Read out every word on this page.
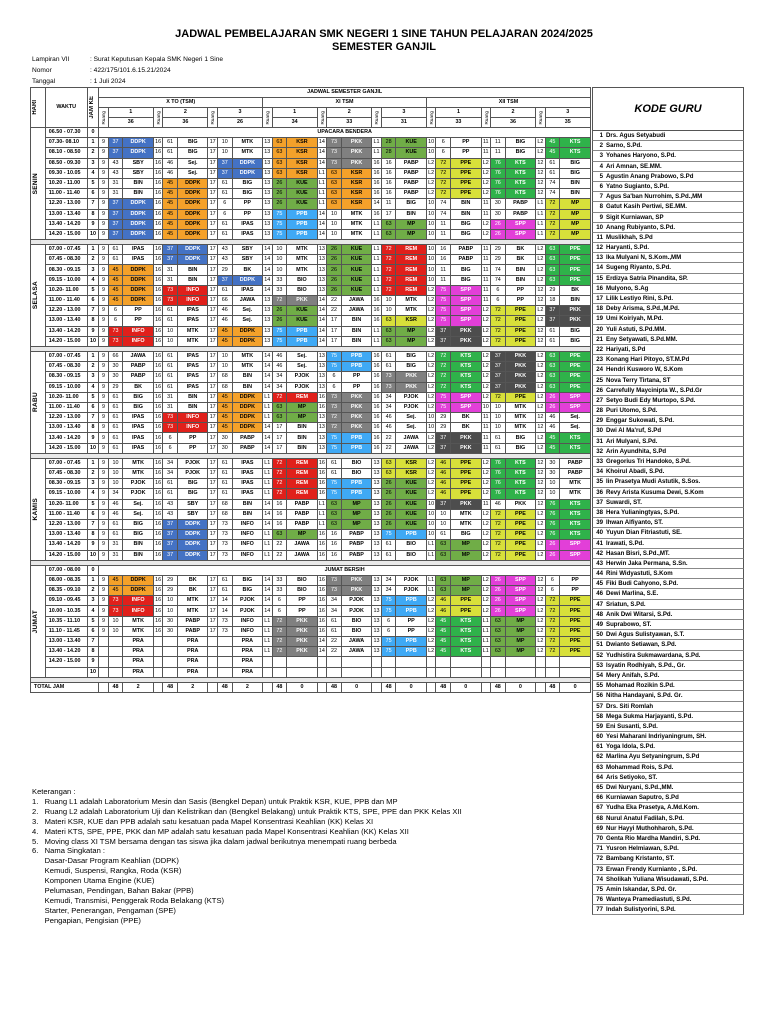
JADWAL PEMBELAJARAN SMK NEGERI 1 SINE TAHUN PELAJARAN 2024/2025
SEMESTER GANJIL
Lampiran VII	: Surat Keputusan Kepala SMK Negeri 1 Sine
Nomor	: 422/175/101.6.15.21/2024
Tanggal	: 1 Juli 2024
HARI	WAKTU	JAM KE	JADWAL SEMESTER GANJIL																										
			X TO (TSM)									XI TSM									XII TSM								

			Ruang	1		Ruang	2		Ruang	3		Ruang	1		Ruang	2		Ruang	3		Ruang	1		Ruang	2		Ruang	3	
				36			36			26			34			33			31			33			36			35	

SENIN	06.50 - 07.30	0	UPACARA BENDERA																										
	07.30- 08.10	1	9	37	DDPK	16	61	BIG	17	10	MTK	13	63	KSR	14	73	PKK	L1	28	KUE	10	6	PP	11	11	BIG	L2	45	KTS
	08.10 - 08.50	2	9	37	DDPK	16	61	BIG	17	10	MTK	13	63	KSR	14	73	PKK	L1	28	KUE	10	6	PP	11	11	BIG	L2	45	KTS
	08.50 - 09.30	3	9	43	SBY	16	46	Sej.	17	37	DDPK	13	63	KSR	14	73	PKK	16	16	PABP	L2	72	PPE	L2	76	KTS	12	61	BIG
	09.30 - 10.05	4	9	43	SBY	16	46	Sej.	17	37	DDPK	13	63	KSR	L1	63	KSR	16	16	PABP	L2	72	PPE	L2	76	KTS	12	61	BIG
	10.20 - 11.00	5	9	31	BIN	16	45	DDPK	17	61	BIG	13	26	KUE	L1	63	KSR	16	16	PABP	L2	72	PPE	L2	76	KTS	12	74	BIN
	11.00 - 11.40	6	9	31	BIN	16	45	DDPK	17	61	BIG	13	26	KUE	L1	63	KSR	16	16	PABP	L2	72	PPE	L2	76	KTS	12	74	BIN
	12.20 - 13.00	7	9	37	DDPK	16	45	DDPK	17	6	PP	13	26	KUE	L1	63	KSR	14	11	BIG	10	74	BIN	11	30	PABP	L1	72	MP
	13.00 - 13.40	8	9	37	DDPK	16	45	DDPK	17	6	PP	13	75	PPB	14	10	MTK	16	17	BIN	10	74	BIN	11	30	PABP	L1	72	MP
	13.40 - 14.20	9	9	37	DDPK	16	45	DDPK	17	61	IPAS	13	75	PPB	14	10	MTK	L1	63	MP	10	11	BIG	L2	26	SPP	L1	72	MP
	14.20 - 15.00	10	9	37	DDPK	16	45	DDPK	17	61	IPAS	13	75	PPB	14	10	MTK	L1	63	MP	10	11	BIG	L2	26	SPP	L1	72	MP

SELASA	07.00 - 07.45	1	9	61	IPAS	16	37	DDPK	17	43	SBY	14	10	MTK	13	26	KUE	L1	72	REM	10	16	PABP	11	29	BK	L2	63	PPE
	07.45 - 08.30	2	9	61	IPAS	16	37	DDPK	17	43	SBY	14	10	MTK	13	26	KUE	L1	72	REM	10	16	PABP	11	29	BK	L2	63	PPE
	08.30 - 09.15	3	9	45	DDPK	16	31	BIN	17	29	BK	14	10	MTK	13	26	KUE	L1	72	REM	10	11	BIG	11	74	BIN	L2	63	PPE
	09.15 - 10.00	4	9	45	DDPK	16	31	BIN	17	37	DDPK	14	33	BIO	13	26	KUE	L1	72	REM	10	11	BIG	11	74	BIN	L2	63	PPE
	10.20- 11.00	5	9	45	DDPK	16	73	INFO	17	61	IPAS	14	33	BIO	13	26	KUE	L1	72	REM	L2	75	SPP	11	6	PP	12	29	BK
	11.00 - 11.40	6	9	45	DDPK	16	73	INFO	17	66	JAWA	13	72	PKK	14	22	JAWA	16	10	MTK	L2	75	SPP	11	6	PP	12	18	BIN
	12.20 - 13.00	7	9	6	PP	16	61	IPAS	17	46	Sej.	13	26	KUE	14	22	JAWA	16	10	MTK	L2	75	SPP	L2	72	PPE	L2	37	PKK
	13.00 - 13.40	8	9	6	PP	16	61	IPAS	17	46	Sej.	13	26	KUE	14	17	BIN	16	63	KSR	L2	75	SPP	L2	72	PPE	L2	37	PKK
	13.40 - 14.20	9	9	73	INFO	16	10	MTK	17	45	DDPK	13	75	PPB	14	17	BIN	L1	63	MP	L2	37	PKK	L2	72	PPE	12	61	BIG
	14.20 - 15.00	10	9	73	INFO	16	10	MTK	17	45	DDPK	13	75	PPB	14	17	BIN	L1	63	MP	L2	37	PKK	L2	72	PPE	12	61	BIG

RABU	07.00 - 07.45	1	9	66	JAWA	16	61	IPAS	17	10	MTK	14	46	Sej.	13	75	PPB	16	61	BIG	L2	72	KTS	L2	37	PKK	L2	63	PPE
	07.45 - 08.30	2	9	30	PABP	16	61	IPAS	17	10	MTK	14	46	Sej.	13	75	PPB	16	61	BIG	L2	72	KTS	L2	37	PKK	L2	63	PPE
	08.30 - 09.15	3	9	30	PABP	16	61	IPAS	17	68	BIN	14	34	PJOK	13	6	PP	16	73	PKK	L2	72	KTS	L2	37	PKK	L2	63	PPE
	09.15 - 10.00	4	9	29	BK	16	61	IPAS	17	68	BIN	14	34	PJOK	13	6	PP	16	73	PKK	L2	72	KTS	L2	37	PKK	L2	63	PPE
	10.20- 11.00	5	9	61	BIG	16	31	BIN	17	45	DDPK	L1	72	REM	16	73	PKK	16	34	PJOK	L2	75	SPP	L2	72	PPE	L2	26	SPP
	11.00 - 11.40	6	9	61	BIG	16	31	BIN	17	45	DDPK	L1	63	MP	16	73	PKK	16	34	PJOK	L2	75	SPP	10	10	MTK	L2	26	SPP
	12.20 - 13.00	7	9	61	IPAS	16	73	INFO	17	45	DDPK	L1	63	MP	13	72	PKK	16	46	Sej.	10	29	BK	11	10	MTK	12	46	Sej.
	13.00 - 13.40	8	9	61	IPAS	16	73	INFO	17	45	DDPK	14	17	BIN	13	72	PKK	16	46	Sej.	10	29	BK	11	10	MTK	12	46	Sej.
	13.40 - 14.20	9	9	61	IPAS	16	6	PP	17	30	PABP	14	17	BIN	13	75	PPB	16	22	JAWA	L2	37	PKK	11	61	BIG	L2	45	KTS
	14.20 - 15.00	10	9	61	IPAS	16	6	PP	17	30	PABP	14	17	BIN	13	75	PPB	16	22	JAWA	L2	37	PKK	11	61	BIG	L2	45	KTS

KAMIS	07.00 - 07.45	1	9	10	MTK	16	34	PJOK	17	61	IPAS	L1	72	REM	16	61	BIO	13	63	KSR	L2	46	PPE	L2	76	KTS	12	30	PABP
	07.45 - 08.30	2	9	10	MTK	16	34	PJOK	17	61	IPAS	L1	72	REM	16	61	BIO	13	63	KSR	L2	46	PPE	L2	76	KTS	12	30	PABP
	08.30 - 09.15	3	9	10	PJOK	16	61	BIG	17	61	IPAS	L1	72	REM	16	75	PPB	13	26	KUE	L2	46	PPE	L2	76	KTS	12	10	MTK
	09.15 - 10.00	4	9	34	PJOK	16	61	BIG	17	61	IPAS	L1	72	REM	16	75	PPB	13	26	KUE	L2	46	PPE	L2	76	KTS	12	10	MTK
	10.20- 11.00	5	9	46	Sej.	16	43	SBY	17	68	BIN	14	16	PABP	L1	63	MP	13	26	KUE	10	37	PKK	11	46	PKK	12	76	KTS
	11.00 - 11.40	6	9	46	Sej.	16	43	SBY	17	68	BIN	14	16	PABP	L1	63	MP	13	26	KUE	10	10	MTK	L2	72	PPE	L2	76	KTS
	12.20 - 13.00	7	9	61	BIG	16	37	DDPK	17	73	INFO	14	16	PABP	L1	63	MP	13	26	KUE	10	10	MTK	L2	72	PPE	L2	76	KTS
	13.00 - 13.40	8	9	61	BIG	16	37	DDPK	17	73	INFO	L1	63	MP	16	16	PABP	13	75	PPB	10	61	BIG	L2	72	PPE	L2	76	KTS
	13.40 - 14.20	9	9	31	BIN	16	37	DDPK	17	73	INFO	L1	22	JAWA	16	16	PABP	13	61	BIO	L1	63	MP	L2	72	PPE	L2	26	SPP
	14.20 - 15.00	10	9	31	BIN	16	37	DDPK	17	73	INFO	L1	22	JAWA	16	16	PABP	13	61	BIO	L1	63	MP	L2	72	PPE	L2	26	SPP

JUMAT	07.00 - 08.00	0	JUMAT BERSIH																										
	08.00 - 08.35	1	9	45	DDPK	16	29	BK	17	61	BIG	14	33	BIO	16	73	PKK	13	34	PJOK	L1	63	MP	L2	26	SPP	12	6	PP
	08.35 - 09.10	2	9	45	DDPK	16	29	BK	17	61	BIG	14	33	BIO	16	73	PKK	13	34	PJOK	L1	63	MP	L2	26	SPP	12	6	PP
	09.10 - 09.45	3	9	73	INFO	16	10	MTK	17	14	PJOK	14	6	PP	16	34	PJOK	13	75	PPB	L2	46	PPE	L2	26	SPP	L2	72	PPE
	10.00 - 10.35	4	9	73	INFO	16	10	MTK	17	14	PJOK	14	6	PP	16	34	PJOK	13	75	PPB	L2	46	PPE	L2	26	SPP	L2	72	PPE
	10.35 - 11.10	5	9	10	MTK	16	30	PABP	17	73	INFO	L1	72	PKK	16	61	BIO	13	6	PP	L2	45	KTS	L1	63	MP	L2	72	PPE
	11.10 - 11.45	6	9	10	MTK	16	30	PABP	17	73	INFO	L1	72	PKK	16	61	BIO	13	6	PP	L2	45	KTS	L1	63	MP	L2	72	PPE
	13.00 - 13.40	7			PRA			PRA			PRA	L1	72	PKK	14	22	JAWA	13	75	PPB	L2	45	KTS	L1	63	MP	L2	72	PPE
	13.40 - 14.20	8			PRA			PRA			PRA	L1	72	PKK	14	22	JAWA	13	75	PPB	L2	45	KTS	L1	63	MP	L2	72	PPE
	14.20 - 15.00	9			PRA			PRA			PRA																		
		10			PRA			PRA			PRA																		

TOTAL JAM				48	2		48	2		48	2		48	0		48	0		48	0		48	0		48	0		48	0
KODE GURU
1 Drs. Agus Setyabudi
2 Sarno, S.Pd.
3 Yohanes Haryono, S.Pd.
4 Ari Amnan, SE.MM.
5 Agustin Anang Prabowo, S.Pd
6 Yatno Sugianto, S.Pd.
7 Agus Sa'ban Nurrohim, S.Pd.,MM
8 Gatut Kasih Pertiwi, SE.MM.
9 Sigit Kurniawan, SP
10 Anang Rubiyanto, S.Pd.
11 Muslikhah, S.Pd
12 Haryanti, S.Pd.
13 Ika Mulyani N, S.Kom.,MM
14 Sugeng Riyanto, S.Pd.
15 Erdizya Satria Pinandita, SP.
16 Mulyono, S.Ag
17 Lilik Lestiyo Rini, S.Pd.
18 Deby Arisma, S.Pd.,M.Pd.
19 Umi Koiriyah, M.Pd.
20 Yuli Astuti, S.Pd.MM.
21 Eny Setyawati, S.Pd.MM.
22 Hariyati, S.Pd
23 Konang Hari Pitoyo, ST.M.Pd
24 Hendri Kusworo W, S.Kom
25 Nova Terry Tirtana, ST
26 Carrefully Maycinipta W., S.Pd.Gr
27 Setyo Budi Edy Murtopo, S.Pd.
28 Puri Utomo, S.Pd.
29 Enggar Sukowati, S.Pd.
30 Dwi Al Ma'ruf, S.Pd
31 Ari Mulyani, S.Pd.
32 Arin Ayundhita, S.Pd
33 Gregorius Tri Handoko, S.Pd.
34 Khoirul Abadi, S.Pd.
35 Iin Prasetya Mudi Astutik, S.Sos.
36 Revy Arista Kusuma Dewi, S.Kom
37 Suwardi, ST.
38 Hera Yulianingtyas, S.Pd.
39 Ihwan Alfiyanto, ST.
40 Yuyun Dian Fitriastuti, SE.
41 Irawati, S.Pd.
42 Hasan Bisri, S.Pd.,MT.
43 Herwin Jaka Permana, S.Sn.
44 Rini Widyastuti, S.Kom
45 Fiki Budi Cahyono, S.Pd.
46 Dewi Marlina, S.E.
47 Sriatun, S.Pd.
48 Anik Dwi Witarsi, S.Pd.
49 Suprabowo, ST.
50 Dwi Agus Sulistyawan, S.T.
51 Dwianto Setiawan, S.Pd.
52 Yudhistira Sukmawardana, S.Pd.
53 Isyatin Rodhiyah, S.Pd., Gr.
54 Mery Anifah, S.Pd.
55 Mohamad Rozikin S.Pd.
56 Nitha Handayani, S.Pd. Gr.
57 Drs. Siti Romlah
58 Mega Sukma Harjayanti, S.Pd.
59 Eni Susanti, S.Pd.
60 Yesi Maharani Indriyaningrum, SH.
61 Yoga Idola, S.Pd.
62 Marlina Ayu Setyaningrum, S.Pd
63 Mohammad Rois, S.Pd.
64 Aris Setiyoko, ST.
65 Dwi Nuryani, S.Pd.,MM.
66 Kurniawan Saputro, S.Pd
67 Yudha Eka Prasetya, A.Md.Kom.
68 Nurul Anatul Fadilah, S.Pd.
69 Nur Hayyi Muthohharoh, S.Pd.
70 Genta Rio Mardha Mandiri, S.Pd.
71 Yusron Helmiawan, S.Pd.
72 Bambang Kristanto, ST.
73 Erwan Frendy Kurnianto , S.Pd.
74 Sholikah Yuliana Wisudawati, S.Pd.
75 Amin Iskandar, S.Pd. Gr.
76 Wanteya Pramediastuti, S.Pd.
77 Indah Sulistyorini, S.Pd.
Keterangan :
1.   Ruang L1 adalah Laboratorium Mesin dan Sasis (Bengkel Depan) untuk Praktik KSR, KUE, PPB dan MP
2.   Ruang L2 adalah Laboratorium Uji dan Kelistrikan dan (Bengkel Belakang) untuk Praktik KTS, SPE, PPE dan PKK Kelas XII
3.   Materi KSR, KUE dan PPB adalah satu kesatuan pada Mapel Konsentrasi Keahlian (KK) Kelas XI
4.   Materi KTS, SPE, PPE, PKK dan MP adalah satu kesatuan pada Mapel Konsentrasi Keahlian (KK) Kelas XII
5.   Moving class XI TSM bersama dengan tas siswa jika dalam jadwal berikutnya menempati ruang berbeda
6.   Nama Singkatan :
Dasar-Dasar Program Keahlian (DDPK)
Kemudi, Suspensi, Rangka, Roda (KSR)
Komponen Utama Engine (KUE)
Pelumasan, Pendingan, Bahan Bakar (PPB)
Kemudi, Transmisi, Penggerak Roda Belakang (KTS)
Starter, Penerangan, Pengaman (SPE)
Pengapian, Pengisian (PPE)
